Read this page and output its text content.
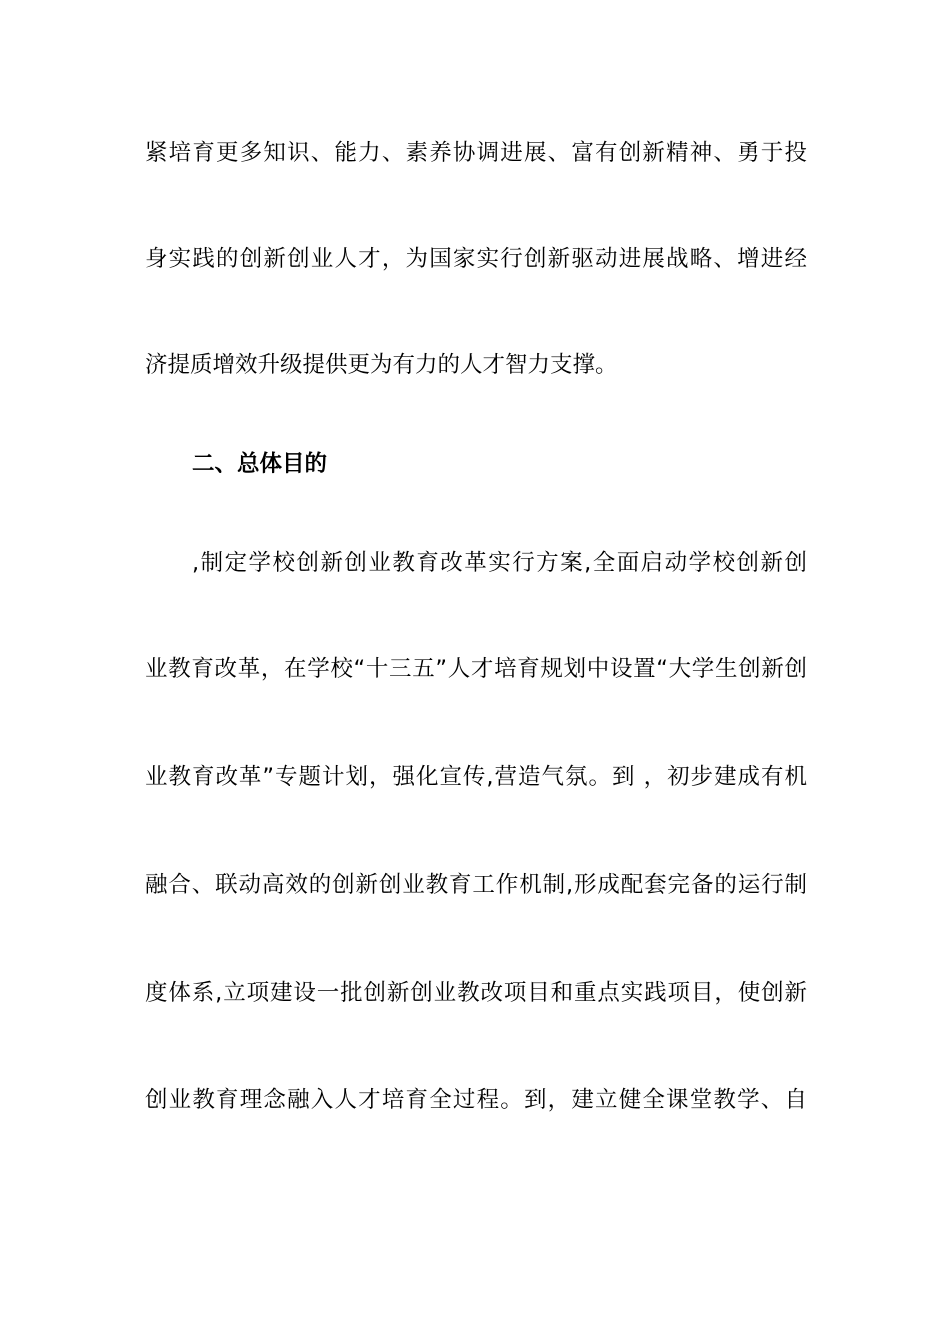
紧培育更多知识、能力、素养协调进展、富有创新精神、勇于投
身实践的创新创业人才，为国家实行创新驱动进展战略、增进经
济提质增效升级提供更为有力的人才智力支撑。
二、总体目的
,制定学校创新创业教育改革实行方案,全面启动学校创新创
业教育改革，在学校“十三五”人才培育规划中设置“大学生创新创
业教育改革”专题计划，强化宣传,营造气氛。到 ，初步建成有机
融合、联动高效的创新创业教育工作机制,形成配套完备的运行制
度体系,立项建设一批创新创业教改项目和重点实践项目，使创新
创业教育理念融入人才培育全过程。到，建立健全课堂教学、自
